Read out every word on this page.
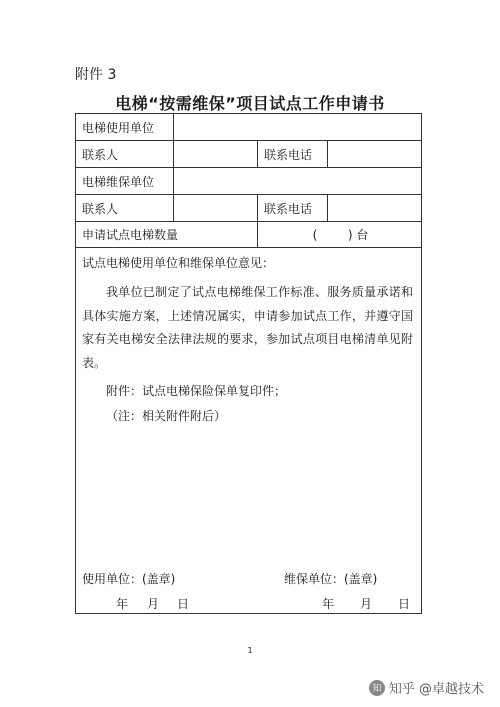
附件 3
电梯“按需维保”项目试点工作申请书
电梯使用单位
联系人	联系电话
电梯维保单位
联系人	联系电话
申请试点电梯数量	(        ) 台
试点电梯使用单位和维保单位意见：
我单位已制定了试点电梯维保工作标准、服务质量承诺和具体实施方案，上述情况属实，申请参加试点工作，并遵守国家有关电梯安全法律法规的要求，参加试点项目电梯清单见附表。
附件：试点电梯保险保单复印件；
（注：相关附件附后）
使用单位：(盖章)	维保单位：(盖章)
年 月 日	年 月 日
1
知 知乎 @卓越技术
